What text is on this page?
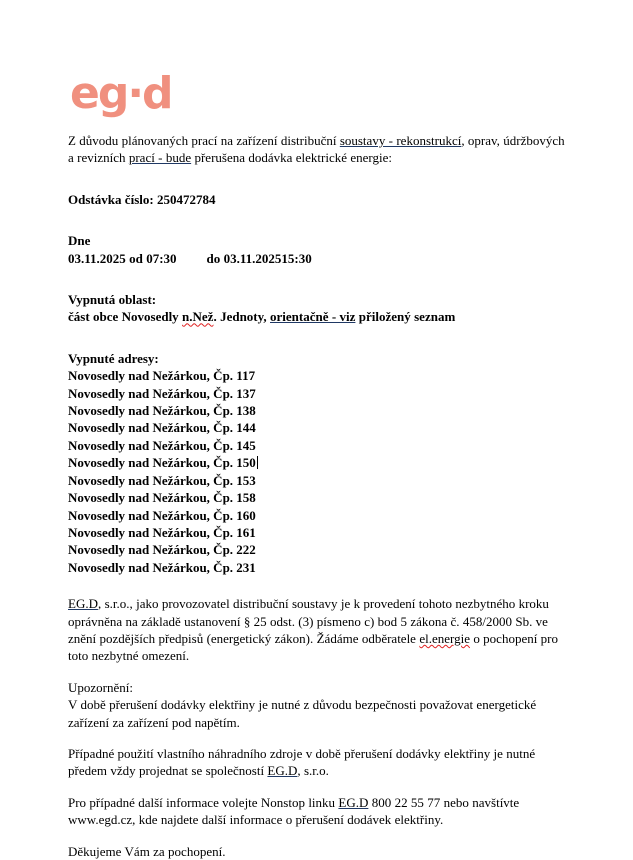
eg·d

Z důvodu plánovaných prací na zařízení distribuční soustavy - rekonstrukcí, oprav, údržbových a revizních prací - bude přerušena dodávka elektrické energie:

Odstávka číslo: 250472784

Dne

03.11.2025 od 07:30 do 03.11.202515:30

Vypnutá oblast:

část obce Novosedly n.Než. Jednoty, orientačně - viz přiložený seznam

Vypnuté adresy:

Novosedly nad Nežárkou, Čp. 117
Novosedly nad Nežárkou, Čp. 137
Novosedly nad Nežárkou, Čp. 138
Novosedly nad Nežárkou, Čp. 144
Novosedly nad Nežárkou, Čp. 145
Novosedly nad Nežárkou, Čp. 150
Novosedly nad Nežárkou, Čp. 153
Novosedly nad Nežárkou, Čp. 158
Novosedly nad Nežárkou, Čp. 160
Novosedly nad Nežárkou, Čp. 161
Novosedly nad Nežárkou, Čp. 222
Novosedly nad Nežárkou, Čp. 231

EG.D, s.r.o., jako provozovatel distribuční soustavy je k provedení tohoto nezbytného kroku oprávněna na základě ustanovení § 25 odst. (3) písmeno c) bod 5 zákona č. 458/2000 Sb. ve znění pozdějších předpisů (energetický zákon). Žádáme odběratele el.energie o pochopení pro toto nezbytné omezení.

Upozornění:

V době přerušení dodávky elektřiny je nutné z důvodu bezpečnosti považovat energetické zařízení za zařízení pod napětím.

Případné použití vlastního náhradního zdroje v době přerušení dodávky elektřiny je nutné předem vždy projednat se společností EG.D, s.r.o.

Pro případné další informace volejte Nonstop linku EG.D 800 22 55 77 nebo navštívte www.egd.cz, kde najdete další informace o přerušení dodávek elektřiny.

Děkujeme Vám za pochopení.
